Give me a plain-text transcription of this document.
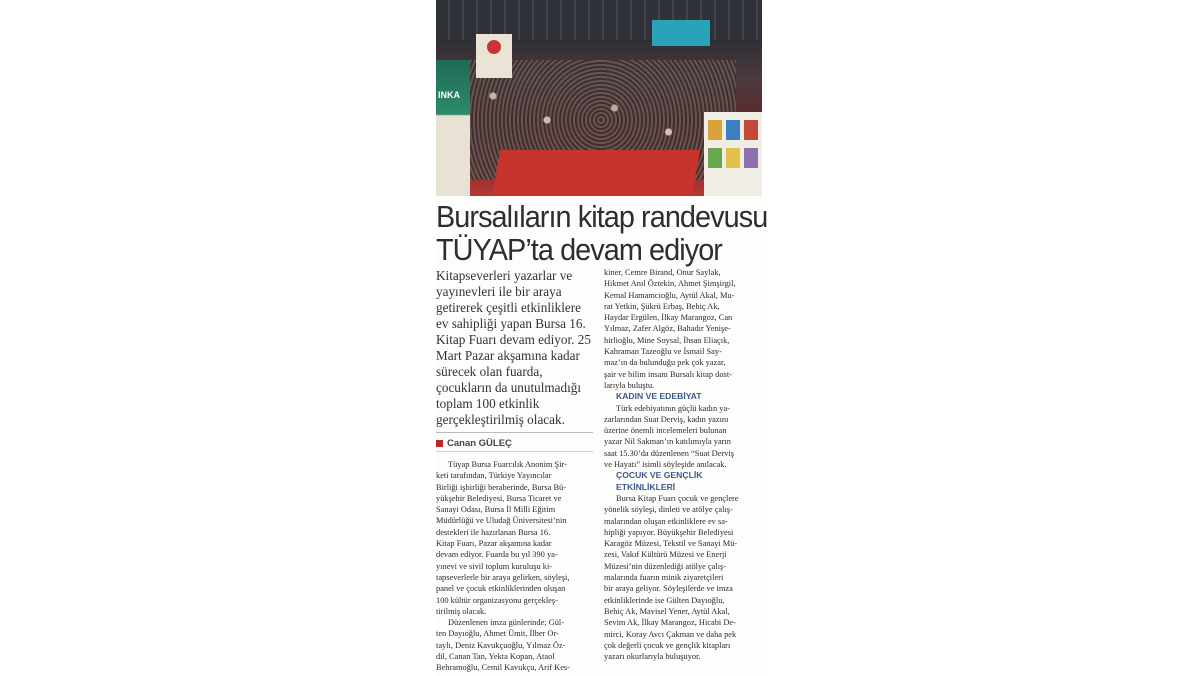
INKA
Bursalıların kitap randevusu
TÜYAP’ta devam ediyor
Kitapseverleri yazarlar ve
yayınevleri ile bir araya
getirerek çeşitli etkinliklere
ev sahipliği yapan Bursa 16.
Kitap Fuarı devam ediyor. 25
Mart Pazar akşamına kadar
sürecek olan fuarda,
çocukların da unutulmadığı
toplam 100 etkinlik
gerçekleştirilmiş olacak.
Canan GÜLEÇ
Tüyap Bursa Fuarcılık Anonim Şir-
keti tarafından, Türkiye Yayıncılar
Birliği işbirliği beraberinde, Bursa Bü-
yükşehir Belediyesi, Bursa Ticaret ve
Sanayi Odası, Bursa İl Milli Eğitim
Müdürlüğü ve Uludağ Üniversitesi’nin
destekleri ile hazırlanan Bursa 16.
Kitap Fuarı, Pazar akşamına kadar
devam ediyor. Fuarda bu yıl 390 ya-
yınevi ve sivil toplum kuruluşu ki-
tapseverlerle bir araya gelirken, söyleşi,
panel ve çocuk etkinliklerinden oluşan
100 kültür organizasyonu gerçekleş-
tirilmiş olacak.
Düzenlenen imza günlerinde; Gül-
ten Dayıoğlu, Ahmet Ümit, İlber Or-
taylı, Deniz Kavukçuoğlu, Yılmaz Öz-
dil, Canan Tan, Yekta Kopan, Ataol
Behramoğlu, Cemil Kavukçu, Arif Kes-
kiner, Cemre Birand, Onur Saylak,
Hikmet Anıl Öztekin, Ahmet Şimşirgil,
Kemal Hamamcıoğlu, Aytül Akal, Mu-
rat Yetkin, Şükrü Erbaş, Behiç Ak,
Haydar Ergülen, İlkay Marangoz, Can
Yılmaz, Zafer Algöz, Bahadır Yenişe-
hirlioğlu, Mine Soysal, İhsan Eliaçık,
Kahraman Tazeoğlu ve İsmail Say-
maz’ın da bulunduğu pek çok yazar,
şair ve bilim insanı Bursalı kitap dost-
larıyla buluştu.
KADIN VE EDEBİYAT
Türk edebiyatının güçlü kadın ya-
zarlarından Suat Derviş, kadın yazını
üzerine önemli incelemeleri bulunan
yazar Nil Sakman’ın katılımıyla yarın
saat 15.30’da düzenlenen “Suat Derviş
ve Hayatı” isimli söyleşide anılacak.
ÇOCUK VE GENÇLİK
ETKİNLİKLERİ
Bursa Kitap Fuarı çocuk ve gençlere
yönelik söyleşi, dinleti ve atölye çalış-
malarından oluşan etkinliklere ev sa-
hipliği yapıyor. Büyükşehir Belediyesi
Karagöz Müzesi, Tekstil ve Sanayi Mü-
zesi, Vakıf Kültürü Müzesi ve Enerji
Müzesi’nin düzenlediği atölye çalış-
malarında fuarın minik ziyaretçileri
bir araya geliyor. Söyleşilerde ve imza
etkinliklerinde ise Gülten Dayıoğlu,
Behiç Ak, Mavisel Yener, Aytül Akal,
Sevim Ak, İlkay Marangoz, Hicabi De-
mirci, Koray Avcı Çakman ve daha pek
çok değerli çocuk ve gençlik kitapları
yazarı okurlarıyla buluşuyor.
